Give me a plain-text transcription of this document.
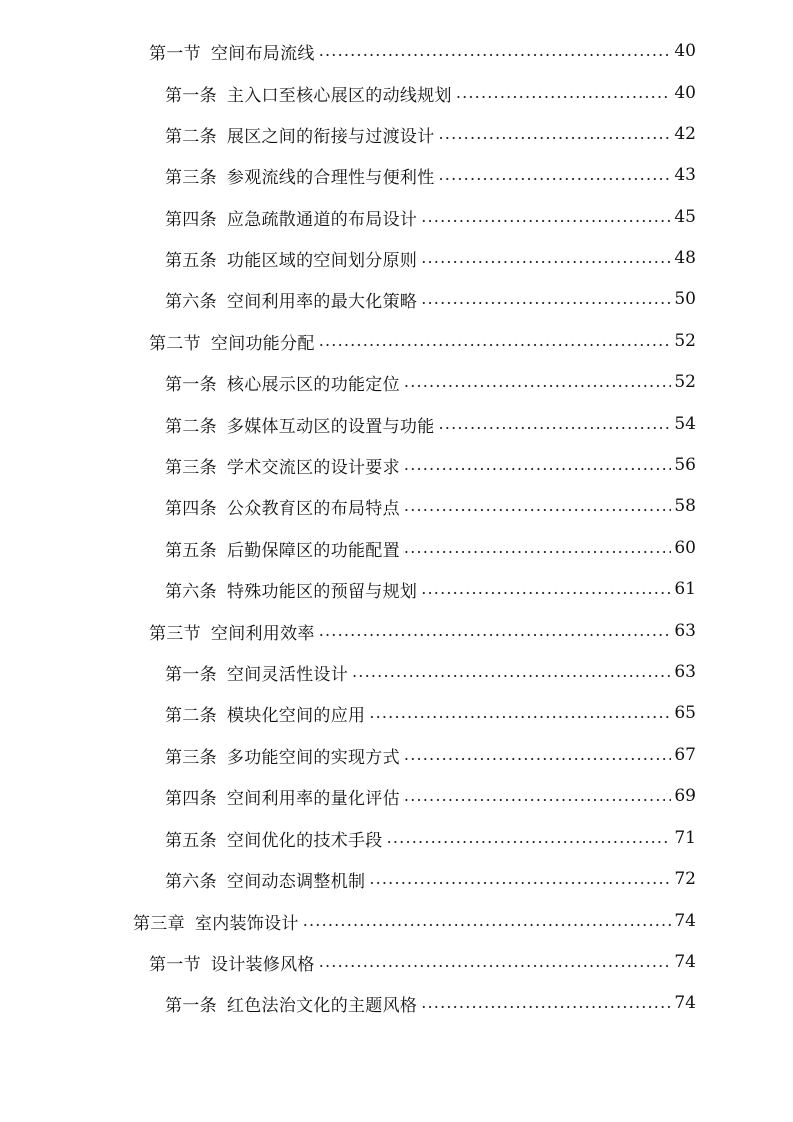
第一节 空间布局流线 .....	40
第一条 主入口至核心展区的动线规划 .....	40
第二条 展区之间的衔接与过渡设计 .....	42
第三条 参观流线的合理性与便利性 .....	43
第四条 应急疏散通道的布局设计 .....	45
第五条 功能区域的空间划分原则 .....	48
第六条 空间利用率的最大化策略 .....	50
第二节 空间功能分配 .....	52
第一条 核心展示区的功能定位 .....	52
第二条 多媒体互动区的设置与功能 .....	54
第三条 学术交流区的设计要求 .....	56
第四条 公众教育区的布局特点 .....	58
第五条 后勤保障区的功能配置 .....	60
第六条 特殊功能区的预留与规划 .....	61
第三节 空间利用效率 .....	63
第一条 空间灵活性设计 .....	63
第二条 模块化空间的应用 .....	65
第三条 多功能空间的实现方式 .....	67
第四条 空间利用率的量化评估 .....	69
第五条 空间优化的技术手段 .....	71
第六条 空间动态调整机制 .....	72
第三章 室内装饰设计 .....	74
第一节 设计装修风格 .....	74
第一条 红色法治文化的主题风格 .....	74
